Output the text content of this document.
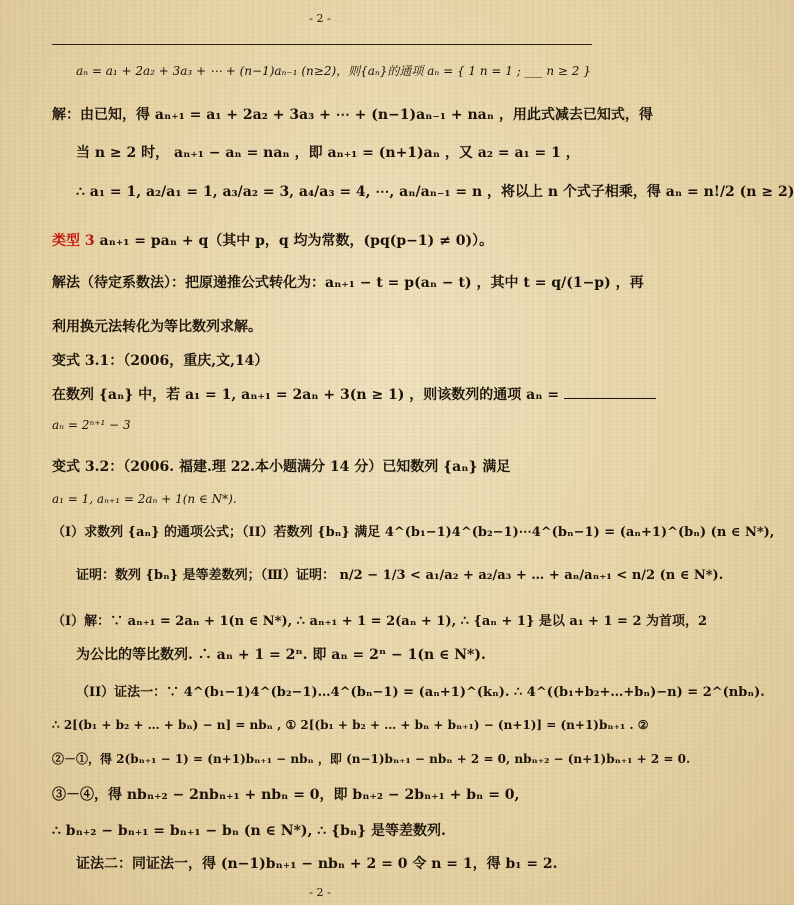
- 2 -
aₙ = a₁ + 2a₂ + 3a₃ + ⋯ + (n−1)aₙ₋₁ (n≥2)，则{aₙ}的通项 aₙ = { 1 n = 1 ; ___ n ≥ 2 }
解：由已知，得 aₙ₊₁ = a₁ + 2a₂ + 3a₃ + ⋯ + (n−1)aₙ₋₁ + naₙ ，用此式减去已知式，得
当 n ≥ 2 时， aₙ₊₁ − aₙ = naₙ ，即 aₙ₊₁ = (n+1)aₙ ，又 a₂ = a₁ = 1 ，
∴ a₁ = 1, a₂/a₁ = 1, a₃/a₂ = 3, a₄/a₃ = 4, ⋯, aₙ/aₙ₋₁ = n ，将以上 n 个式子相乘，得 aₙ = n!/2 (n ≥ 2)
类型 3 aₙ₊₁ = paₙ + q（其中 p，q 均为常数，(pq(p−1) ≠ 0)）。
解法（待定系数法）：把原递推公式转化为：aₙ₊₁ − t = p(aₙ − t) ，其中 t = q/(1−p) ，再
利用换元法转化为等比数列求解。
变式 3.1：（2006，重庆,文,14）
在数列 {aₙ} 中，若 a₁ = 1, aₙ₊₁ = 2aₙ + 3(n ≥ 1) ，则该数列的通项 aₙ =
aₙ = 2ⁿ⁺¹ − 3
变式 3.2：（2006. 福建.理 22.本小题满分 14 分）已知数列 {aₙ} 满足
a₁ = 1, aₙ₊₁ = 2aₙ + 1(n ∈ N*).
（I）求数列 {aₙ} 的通项公式；（II）若数列 {bₙ} 满足 4^(b₁−1)4^(b₂−1)⋯4^(bₙ−1) = (aₙ+1)^(bₙ) (n ∈ N*),
证明：数列 {bₙ} 是等差数列；（Ⅲ）证明： n/2 − 1/3 < a₁/a₂ + a₂/a₃ + … + aₙ/aₙ₊₁ < n/2 (n ∈ N*).
（I）解：∵ aₙ₊₁ = 2aₙ + 1(n ∈ N*), ∴ aₙ₊₁ + 1 = 2(aₙ + 1), ∴ {aₙ + 1} 是以 a₁ + 1 = 2 为首项，2
为公比的等比数列. ∴ aₙ + 1 = 2ⁿ. 即 aₙ = 2ⁿ − 1(n ∈ N*).
（II）证法一：∵ 4^(b₁−1)4^(b₂−1)…4^(bₙ−1) = (aₙ+1)^(kₙ). ∴ 4^((b₁+b₂+…+bₙ)−n) = 2^(nbₙ).
∴ 2[(b₁ + b₂ + … + bₙ) − n] = nbₙ , ① 2[(b₁ + b₂ + … + bₙ + bₙ₊₁) − (n+1)] = (n+1)bₙ₊₁ . ②
②－①，得 2(bₙ₊₁ − 1) = (n+1)bₙ₊₁ − nbₙ ，即 (n−1)bₙ₊₁ − nbₙ + 2 = 0, nbₙ₊₂ − (n+1)bₙ₊₁ + 2 = 0.
③－④，得 nbₙ₊₂ − 2nbₙ₊₁ + nbₙ = 0，即 bₙ₊₂ − 2bₙ₊₁ + bₙ = 0,
∴ bₙ₊₂ − bₙ₊₁ = bₙ₊₁ − bₙ (n ∈ N*), ∴ {bₙ} 是等差数列.
证法二：同证法一，得 (n−1)bₙ₊₁ − nbₙ + 2 = 0 令 n = 1，得 b₁ = 2.
- 2 -
